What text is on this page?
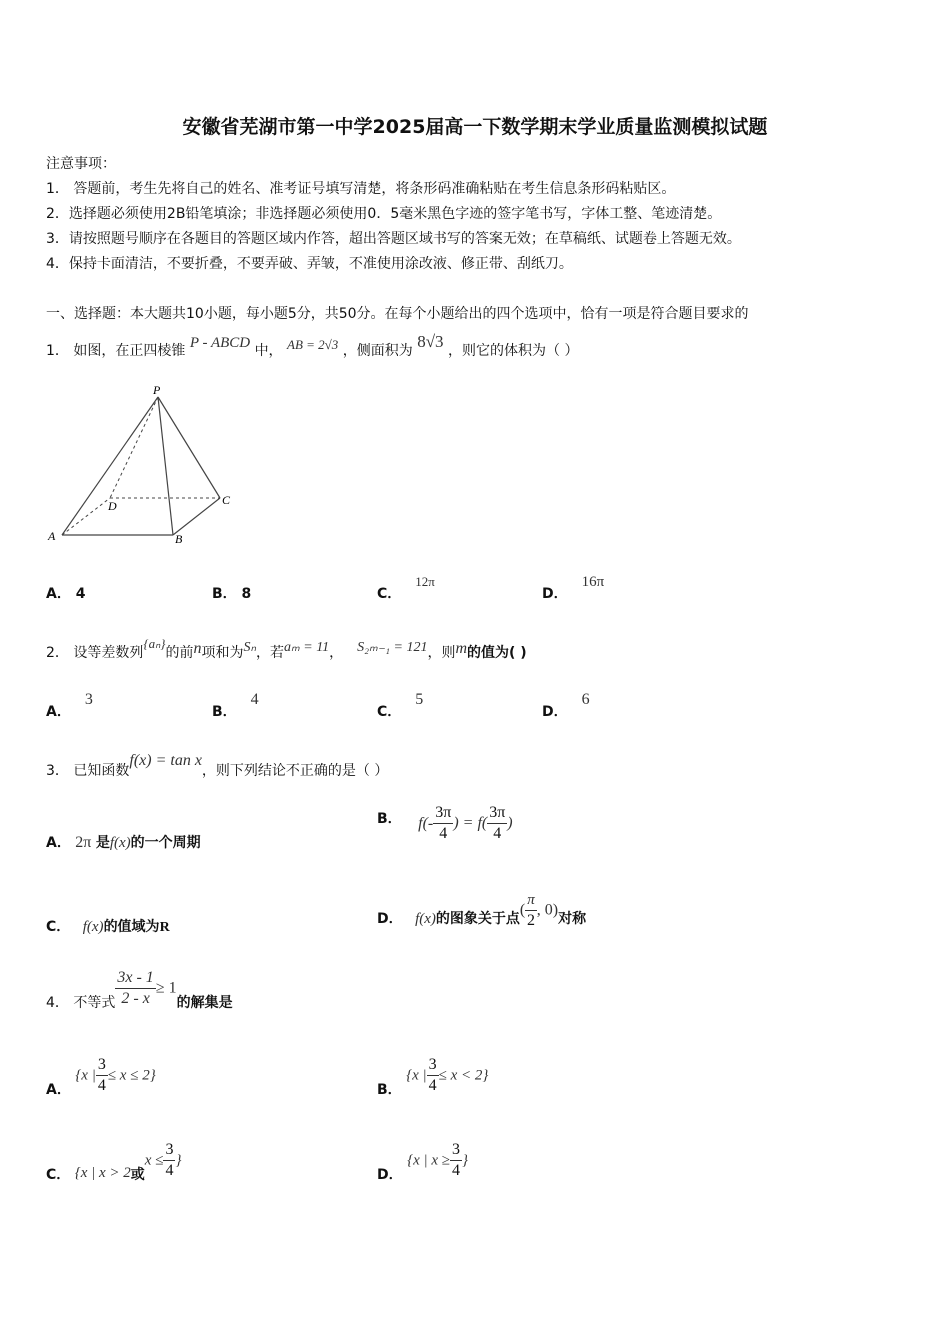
安徽省芜湖市第一中学2025届高一下数学期末学业质量监测模拟试题
注意事项：
1． 答题前，考生先将自己的姓名、准考证号填写清楚，将条形码准确粘贴在考生信息条形码粘贴区。
2．选择题必须使用2B铅笔填涂；非选择题必须使用0．5毫米黑色字迹的签字笔书写，字体工整、笔迹清楚。
3．请按照题号顺序在各题目的答题区域内作答，超出答题区域书写的答案无效；在草稿纸、试题卷上答题无效。
4．保持卡面清洁，不要折叠，不要弄破、弄皱，不准使用涂改液、修正带、刮纸刀。
一、选择题：本大题共10小题，每小题5分，共50分。在每个小题给出的四个选项中，恰有一项是符合题目要求的
1． 如图，在正四棱锥 P - ABCD 中， AB = 2√3 ，侧面积为 8√3 ，则它的体积为（ ）
P
A	B
C
D
A． 4	B． 8	C．12π
D．16π
2． 设等差数列{aₙ}的前n项和为Sₙ，若aₘ = 11， S₂ₘ₋₁ = 121，则m的值为( )
A．3
B．4
C．5
D．6
3． 已知函数f(x) = tan x，则下列结论不正确的是（ ）
A． 2π 是f(x)的一个周期
B． $f(- \frac{3\pi}{4}$ ) = $f( \frac{3\pi}{4}$ )
C． f(x)的值域为R
D． f(x)的图象关于点( $\frac{\pi}{2}$ , 0)对称
4． 不等式 $\frac{3x - 1}{2 - x} \ge 1$的解集是
A． {x | $\frac{3}{4} \le x \le 2$}
B． {x | $\frac{3}{4} \le x < 2$}
C． {x | x > 2或$x \le \frac{3}{4}$ }
D． {x | $x \ge \frac{3}{4}$ }
